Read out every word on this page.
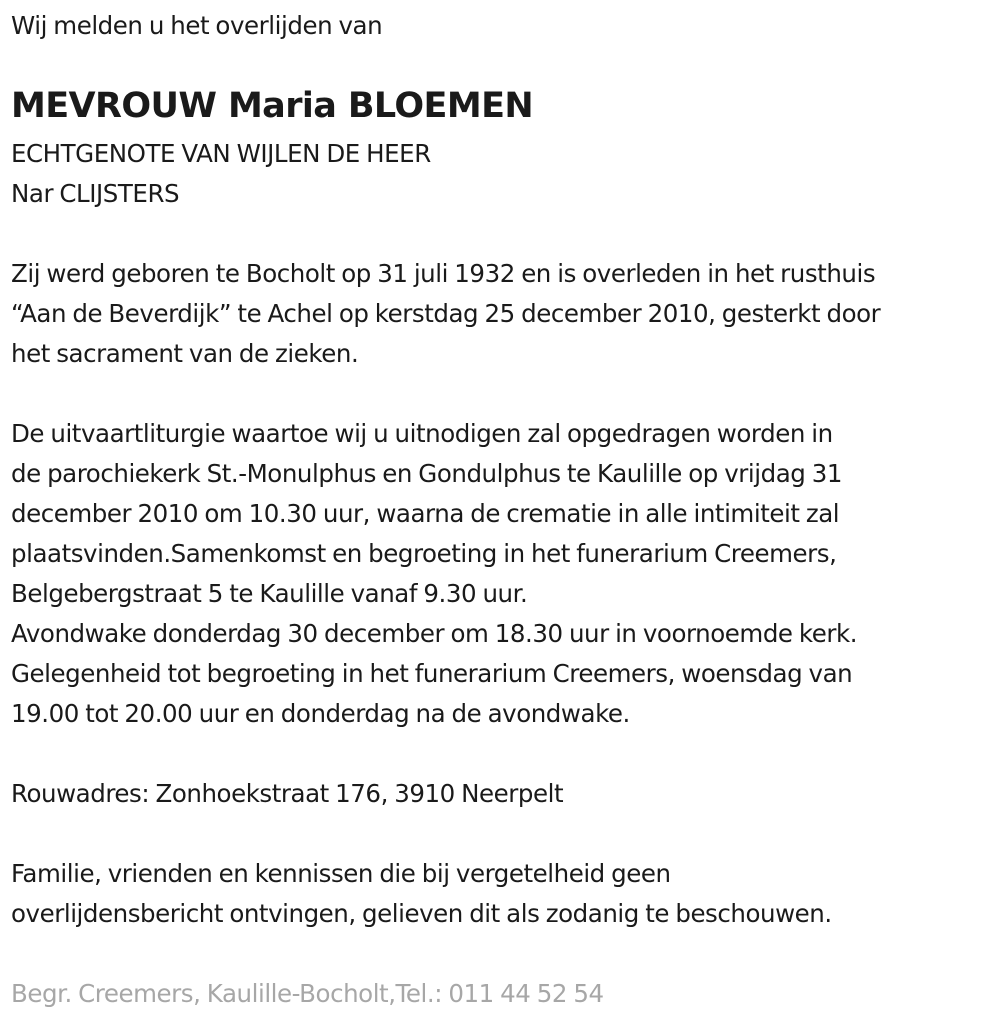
Wij melden u het overlijden van
MEVROUW Maria BLOEMEN
ECHTGENOTE VAN WIJLEN DE HEER
Nar CLIJSTERS
Zij werd geboren te Bocholt op 31 juli 1932 en is overleden in het rusthuis
“Aan de Beverdijk” te Achel op kerstdag 25 december 2010, gesterkt door
het sacrament van de zieken.
De uitvaartliturgie waartoe wij u uitnodigen zal opgedragen worden in
de parochiekerk St.-Monulphus en Gondulphus te Kaulille op vrijdag 31
december 2010 om 10.30 uur, waarna de crematie in alle intimiteit zal
plaatsvinden.Samenkomst en begroeting in het funerarium Creemers,
Belgebergstraat 5 te Kaulille vanaf 9.30 uur.
Avondwake donderdag 30 december om 18.30 uur in voornoemde kerk.
Gelegenheid tot begroeting in het funerarium Creemers, woensdag van
19.00 tot 20.00 uur en donderdag na de avondwake.
Rouwadres: Zonhoekstraat 176, 3910 Neerpelt
Familie, vrienden en kennissen die bij vergetelheid geen
overlijdensbericht ontvingen, gelieven dit als zodanig te beschouwen.
Begr. Creemers, Kaulille-Bocholt,Tel.: 011 44 52 54
